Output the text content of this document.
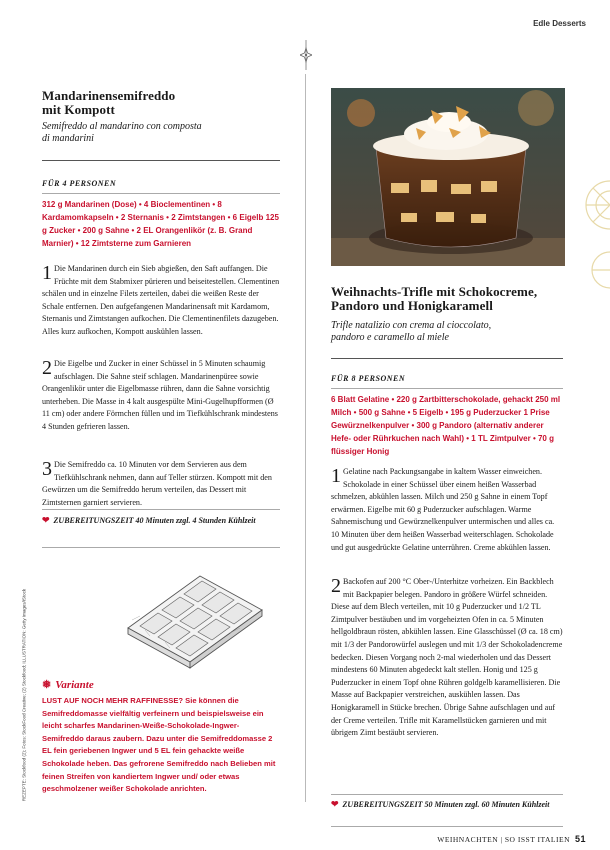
Edle Desserts
Mandarinensemifreddo
mit Kompott
Semifreddo al mandarino con composta
di mandarini
FÜR 4 PERSONEN
312 g Mandarinen (Dose) • 4 Bioclementinen • 8 Kardamomkapseln • 2 Sternanis • 2 Zimtstangen • 6 Eigelb 125 g Zucker • 200 g Sahne • 2 EL Orangenlikör (z. B. Grand Marnier) • 12 Zimtsterne zum Garnieren
1 Die Mandarinen durch ein Sieb abgießen, den Saft auffangen. Die Früchte mit dem Stabmixer pürieren und beiseitestellen. Clementinen schälen und in einzelne Filets zerteilen, dabei die weißen Reste der Schale entfernen. Den aufgefangenen Mandarinensaft mit Kardamom, Sternanis und Zimtstangen aufkochen. Die Clementinenfilets dazugeben. Alles kurz aufkochen, Kompott auskühlen lassen.
2 Die Eigelbe und Zucker in einer Schüssel in 5 Minuten schaumig aufschlagen. Die Sahne steif schlagen. Mandarinenpüree sowie Orangenlikör unter die Eigelbmasse rühren, dann die Sahne vorsichtig unterheben. Die Masse in 4 kalt ausgespülte Mini-Gugelhupfformen (Ø 11 cm) oder andere Förmchen füllen und im Tiefkühlschrank mindestens 4 Stunden gefrieren lassen.
3 Die Semifreddo ca. 10 Minuten vor dem Servieren aus dem Tiefkühlschrank nehmen, dann auf Teller stürzen. Kompott mit den Gewürzen um die Semifreddo herum verteilen, das Dessert mit Zimtsternen garniert servieren.
❤ ZUBEREITUNGSZEIT 40 Minuten zzgl. 4 Stunden Kühlzeit
❅ Variante
LUST AUF NOCH MEHR RAFFINESSE? Sie können die Semifreddomasse vielfältig verfeinern und beispielsweise ein leicht scharfes Mandarinen-Weiße-Schokolade-Ingwer-Semifreddo daraus zaubern. Dazu unter die Semifreddomasse 2 EL fein geriebenen Ingwer und 5 EL fein gehackte weiße Schokolade heben. Das gefrorene Semifreddo nach Belieben mit feinen Streifen von kandiertem Ingwer und/ oder etwas geschmolzener weißer Schokolade anrichten.
REZEPTE: Stockfood (2); Fotos: StockFood Creative; (2) Stockfood; ILLUSTRATION: Getty Images/iStock
Weihnachts-Trifle mit Schokocreme,
Pandoro und Honigkaramell
Trifle natalizio con crema al cioccolato,
pandoro e caramello al miele
FÜR 8 PERSONEN
6 Blatt Gelatine • 220 g Zartbitterschokolade, gehackt 250 ml Milch • 500 g Sahne • 5 Eigelb • 195 g Puderzucker 1 Prise Gewürznelkenpulver • 300 g Pandoro (alternativ anderer Hefe- oder Rührkuchen nach Wahl) • 1 TL Zimtpulver • 70 g flüssiger Honig
1 Gelatine nach Packungsangabe in kaltem Wasser einweichen. Schokolade in einer Schüssel über einem heißen Wasserbad schmelzen, abkühlen lassen. Milch und 250 g Sahne in einem Topf erwärmen. Eigelbe mit 60 g Puderzucker aufschlagen. Warme Sahnemischung und Gewürznelkenpulver untermischen und alles ca. 10 Minuten über dem heißen Wasserbad weiterschlagen. Schokolade und gut ausgedrückte Gelatine unterrühren. Creme abkühlen lassen.
2 Backofen auf 200 °C Ober-/Unterhitze vorheizen. Ein Backblech mit Backpapier belegen. Pandoro in größere Würfel schneiden. Diese auf dem Blech verteilen, mit 10 g Puderzucker und 1/2 TL Zimtpulver bestäuben und im vorgeheizten Ofen in ca. 5 Minuten hellgoldbraun rösten, abkühlen lassen. Eine Glasschüssel (Ø ca. 18 cm) mit 1/3 der Pandorowürfel auslegen und mit 1/3 der Schokoladencreme bedecken. Diesen Vorgang noch 2-mal wiederholen und das Dessert mindestens 60 Minuten abgedeckt kalt stellen. Honig und 125 g Puderzucker in einem Topf ohne Rühren goldgelb karamellisieren. Die Masse auf Backpapier verstreichen, auskühlen lassen. Das Honigkaramell in Stücke brechen. Übrige Sahne aufschlagen und auf der Creme verteilen. Trifle mit Karamellstücken garnieren und mit übrigem Zimt bestäubt servieren.
❤ ZUBEREITUNGSZEIT 50 Minuten zzgl. 60 Minuten Kühlzeit
WEIHNACHTEN | SO ISST ITALIEN 51
